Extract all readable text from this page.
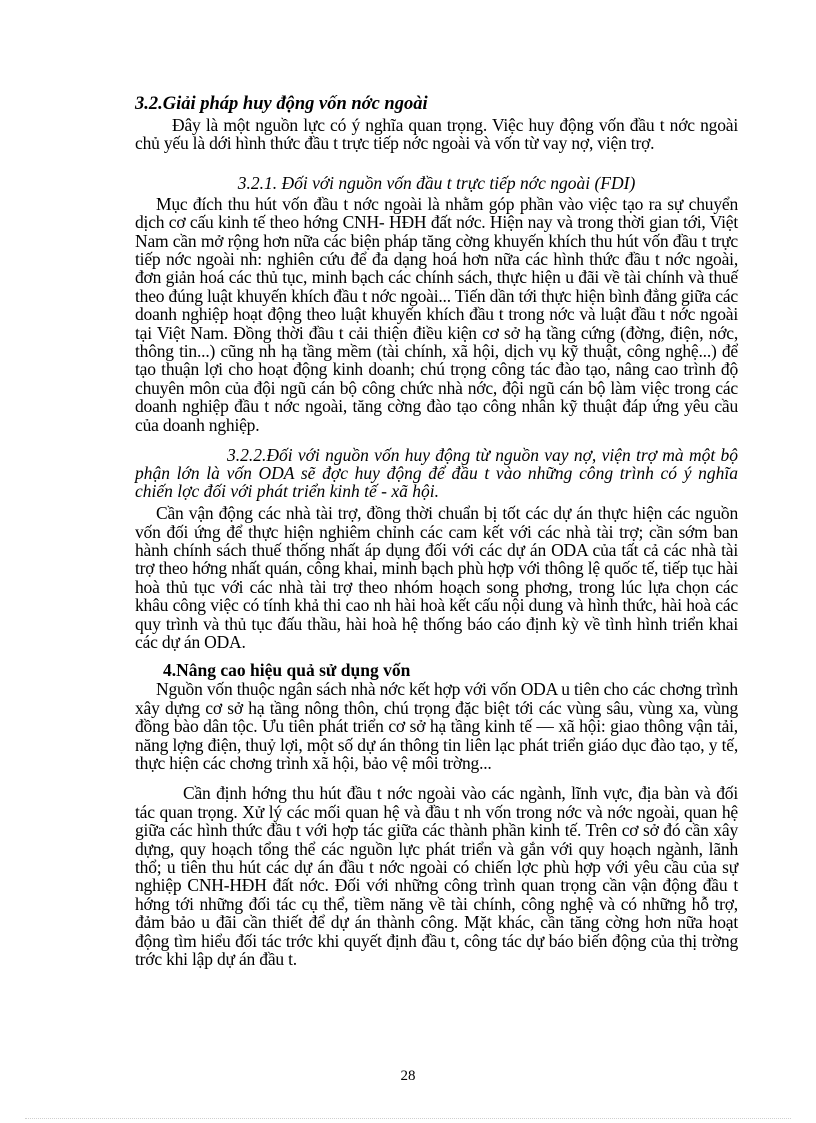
3.2.Giải pháp huy động vốn nớc ngoài

Đây là một nguồn lực có ý nghĩa quan trọng. Việc huy động vốn đầu t nớc ngoài chủ yếu là dới hình thức đầu t trực tiếp nớc ngoài và vốn từ vay nợ, viện trợ.

3.2.1. Đối với nguồn vốn đầu t trực tiếp nớc ngoài (FDI)

Mục đích thu hút vốn đầu t nớc ngoài là nhằm góp phần vào việc tạo ra sự chuyển dịch cơ cấu kinh tế theo hớng CNH- HĐH đất nớc. Hiện nay và trong thời gian tới, Việt Nam cần mở rộng hơn nữa các biện pháp tăng cờng khuyến khích thu hút vốn đầu t trực tiếp nớc ngoài nh: nghiên cứu để đa dạng hoá hơn nữa các hình thức đầu t nớc ngoài, đơn giản hoá các thủ tục, minh bạch các chính sách, thực hiện u đãi về tài chính và thuế theo đúng luật khuyến khích đầu t nớc ngoài... Tiến dần tới thực hiện bình đẳng giữa các doanh nghiệp hoạt động theo luật khuyến khích đầu t trong nớc và luật đầu t nớc ngoài tại Việt Nam. Đồng thời đầu t cải thiện điều kiện cơ sở hạ tầng cứng (đờng, điện, nớc, thông tin...) cũng nh hạ tầng mềm (tài chính, xã hội, dịch vụ kỹ thuật, công nghệ...) để tạo thuận lợi cho hoạt động kinh doanh; chú trọng công tác đào tạo, nâng cao trình độ chuyên môn của đội ngũ cán bộ công chức nhà nớc, đội ngũ cán bộ làm việc trong các doanh nghiệp đầu t nớc ngoài, tăng cờng đào tạo công nhân kỹ thuật đáp ứng yêu cầu của doanh nghiệp.

3.2.2.Đối với nguồn vốn huy động từ nguồn vay nợ, viện trợ mà một bộ phận lớn là vốn ODA sẽ đợc huy động để đầu t vào những công trình có ý nghĩa chiến lợc đối với phát triển kinh tế - xã hội.

Cần vận động các nhà tài trợ, đồng thời chuẩn bị tốt các dự án thực hiện các nguồn vốn đối ứng để thực hiện nghiêm chỉnh các cam kết với các nhà tài trợ; cần sớm ban hành chính sách thuế thống nhất áp dụng đối với các dự án ODA của tất cả các nhà tài trợ theo hớng nhất quán, công khai, minh bạch phù hợp với thông lệ quốc tế, tiếp tục hài hoà thủ tục với các nhà tài trợ theo nhóm hoạch song phơng, trong lúc lựa chọn các khâu công việc có tính khả thi cao nh hài hoà kết cấu nội dung và hình thức, hài hoà các quy trình và thủ tục đấu thầu, hài hoà hệ thống báo cáo định kỳ về tình hình triển khai các dự án ODA.

4.Nâng cao hiệu quả sử dụng vốn

Nguồn vốn thuộc ngân sách nhà nớc kết hợp với vốn ODA u tiên cho các chơng trình xây dựng cơ sở hạ tầng nông thôn, chú trọng đặc biệt tới các vùng sâu, vùng xa, vùng đồng bào dân tộc. Ưu tiên phát triển cơ sở hạ tầng kinh tế — xã hội: giao thông vận tải, năng lợng điện, thuỷ lợi, một số dự án thông tin liên lạc phát triển giáo dục đào tạo, y tế, thực hiện các chơng trình xã hội, bảo vệ môi trờng...

Cần định hớng thu hút đầu t nớc ngoài vào các ngành, lĩnh vực, địa bàn và đối tác quan trọng. Xử lý các mối quan hệ và đầu t nh vốn trong nớc và nớc ngoài, quan hệ giữa các hình thức đầu t với hợp tác giữa các thành phần kinh tế. Trên cơ sở đó cần xây dựng, quy hoạch tổng thể các nguồn lực phát triển và gắn với quy hoạch ngành, lãnh thổ; u tiên thu hút các dự án đầu t nớc ngoài có chiến lợc phù hợp với yêu cầu của sự nghiệp CNH-HĐH đất nớc. Đối với những công trình quan trọng cần vận động đầu t hớng tới những đối tác cụ thể, tiềm năng về tài chính, công nghệ và có những hỗ trợ, đảm bảo u đãi cần thiết để dự án thành công. Mặt khác, cần tăng cờng hơn nữa hoạt động tìm hiểu đối tác trớc khi quyết định đầu t, công tác dự báo biến động của thị trờng trớc khi lập dự án đầu t.

28
